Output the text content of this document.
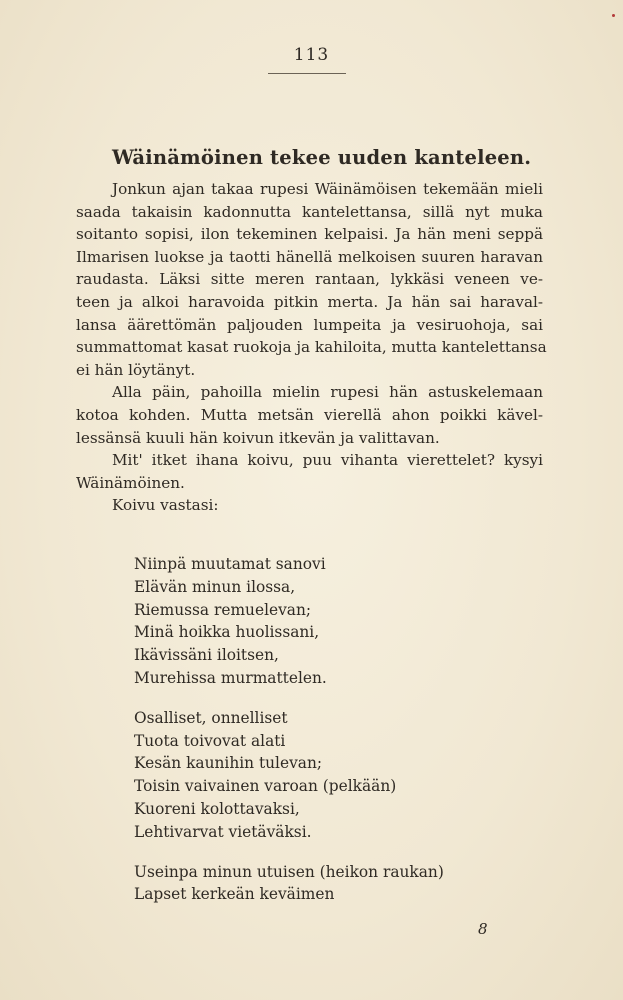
113
Wäinämöinen tekee uuden kanteleen.
Jonkun ajan takaa rupesi Wäinämöisen tekemään mieli
saada takaisin kadonnutta kantelettansa, sillä nyt muka
soitanto sopisi, ilon tekeminen kelpaisi. Ja hän meni seppä
Ilmarisen luokse ja taotti hänellä melkoisen suuren haravan
raudasta. Läksi sitte meren rantaan, lykkäsi veneen ve-
teen ja alkoi haravoida pitkin merta. Ja hän sai haraval-
lansa äärettömän paljouden lumpeita ja vesiruohoja, sai
summattomat kasat ruokoja ja kahiloita, mutta kantelettansa
ei hän löytänyt.
Alla päin, pahoilla mielin rupesi hän astuskelemaan
kotoa kohden. Mutta metsän vierellä ahon poikki kävel-
lessänsä kuuli hän koivun itkevän ja valittavan.
Mit' itket ihana koivu, puu vihanta vierettelet? kysyi
Wäinämöinen.
Koivu vastasi:
Niinpä muutamat sanovi
Elävän minun ilossa,
Riemussa remuelevan;
Minä hoikka huolissani,
Ikävissäni iloitsen,
Murehissa murmattelen.
Osalliset, onnelliset
Tuota toivovat alati
Kesän kaunihin tulevan;
Toisin vaivainen varoan (pelkään)
Kuoreni kolottavaksi,
Lehtivarvat vietäväksi.
Useinpa minun utuisen (heikon raukan)
Lapset kerkeän keväimen
8
